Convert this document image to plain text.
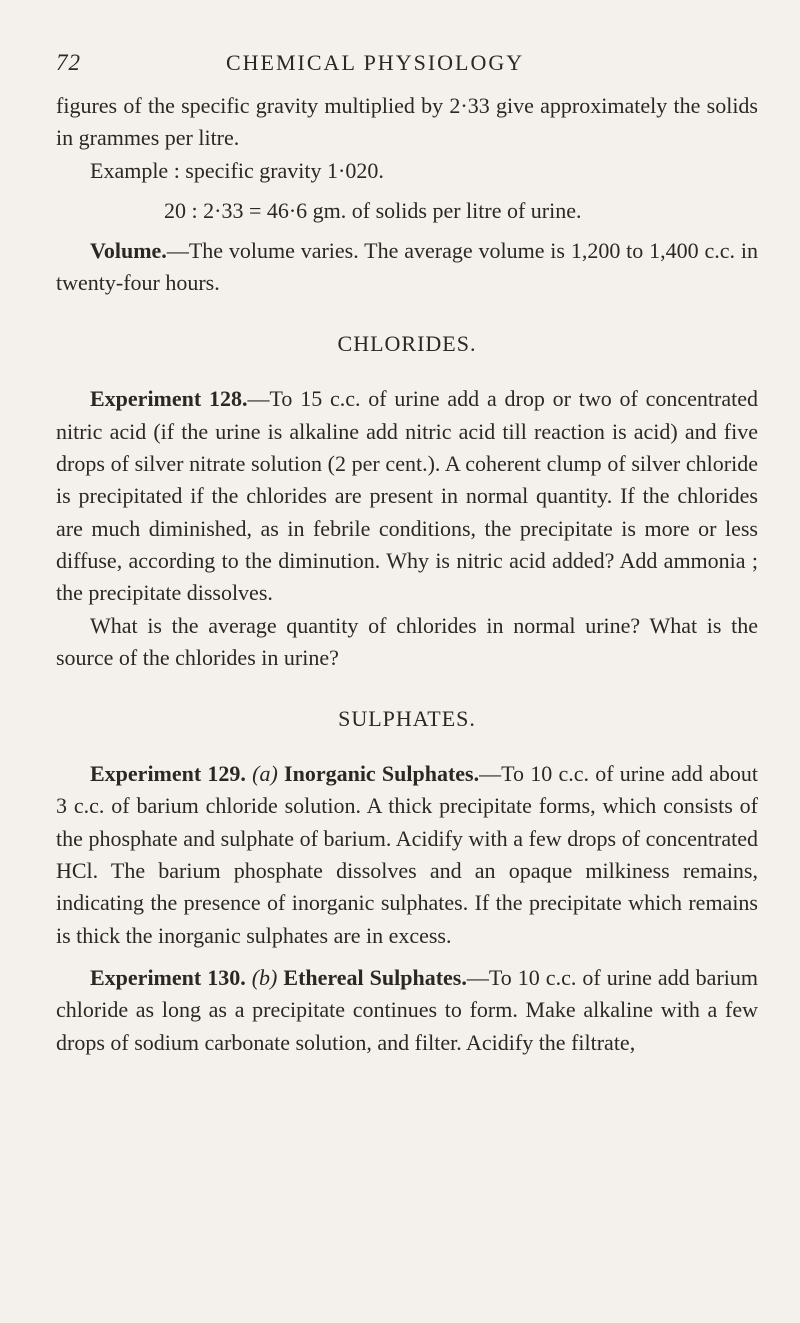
72	CHEMICAL PHYSIOLOGY

figures of the specific gravity multiplied by 2·33 give approximately the solids in grammes per litre.

Example : specific gravity 1·020.

20 : 2·33 = 46·6 gm. of solids per litre of urine.

Volume.—The volume varies. The average volume is 1,200 to 1,400 c.c. in twenty-four hours.

CHLORIDES.

Experiment 128.—To 15 c.c. of urine add a drop or two of concentrated nitric acid (if the urine is alkaline add nitric acid till reaction is acid) and five drops of silver nitrate solution (2 per cent.). A coherent clump of silver chloride is precipitated if the chlorides are present in normal quantity. If the chlorides are much diminished, as in febrile conditions, the precipitate is more or less diffuse, according to the diminution. Why is nitric acid added? Add ammonia ; the precipitate dissolves.

What is the average quantity of chlorides in normal urine? What is the source of the chlorides in urine?

SULPHATES.

Experiment 129. (a) Inorganic Sulphates.—To 10 c.c. of urine add about 3 c.c. of barium chloride solution. A thick precipitate forms, which consists of the phosphate and sulphate of barium. Acidify with a few drops of concentrated HCl. The barium phosphate dissolves and an opaque milkiness remains, indicating the presence of inorganic sulphates. If the precipitate which remains is thick the inorganic sulphates are in excess.

Experiment 130. (b) Ethereal Sulphates.—To 10 c.c. of urine add barium chloride as long as a precipitate continues to form. Make alkaline with a few drops of sodium carbonate solution, and filter. Acidify the filtrate,
